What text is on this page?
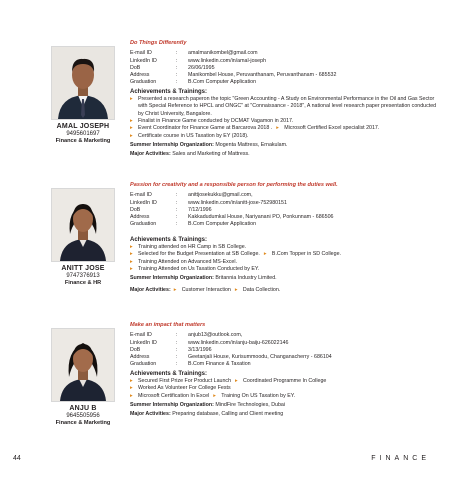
AMAL JOSEPH
9495601697
Finance & Marketing
Do Things Differently
E-mail ID	:	amalmanikombel@gmail.com
LinkedIn ID	:	www.linkedin.com/in/amal-joseph
DoB	:	26/06/1995
Address	:	Manikombel House, Peruvanthanam, Peruvanthanam - 685532
Graduation	:	B.Com Computer Application
Achievements & Trainings:
▸	Presented a research paperon the topic "Green Accounting - A Study on Environmental Performance in the Oil and Gas Sector with Special Reference to HPCL and ONGC" at "Connaissance - 2018", A national level research paper presentation conducted by Christ University, Bangalore.
▸	Finalist in Finance Game conducted by DCMAT Vagamon in 2017.
▸	Event Coordinator for Finance Game at Barcarova 2018 . ▸	Microsoft Certified Excel specialist 2017.
▸	Certificate course in US Taxation by EY (2018).
Summer Internship Organization: Mogenta Mattress, Ernakulam.
Major Activities: Sales and Marketing of Mattress.
ANITT JOSE
9747376913
Finance & HR
Passion for creativity and a responsible person for performing the duties well.
E-mail ID	:	anittjosekukku@gmail.com,
LinkedIn ID	:	www.linkedin.com/in/anitt-jose-752980151
DoB	:	7/12/1996
Address	:	Kakkadudumkal House, Nariyanani PO, Ponkunnam - 686506
Graduation	:	B.Com Computer Application
Achievements & Trainings:
▸	Training attended on HR Camp in SB College.
▸	Selected for the Budget Presentation at SB College. ▸	B.Com Topper in SD College.
▸	Training Attended on Advanced MS-Excel.
▸	Training Attended on Us Taxation Conducted by EY.
Summer Internship Organization: Britannia Industry Limited.
Major Activities: ▸	Customer Interaction ▸	Data Collection.
ANJU B
9645505956
Finance & Marketing
Make an impact that matters
E-mail ID	:	anjub13@outlook.com,
LinkedIn ID	:	www.linkedin.com/in/anju-baiju-626022146
DoB	:	3/13/1996
Address	:	Geetanjali House, Kurisummoodu, Changanacherry - 686104
Graduation	:	B.Com Finance & Taxation
Achievements & Trainings:
▸	Secured First Prize For Product Launch ▸	Coordinated Programme In College
▸	Worked As Volunteer For College Fests
▸	Microsoft Certification In Excel ▸	Training On US Taxation by EY.
Summer Internship Organization: MindFire Technologies, Dubai
Major Activities: Preparing database, Calling and Client meeting
44	FINANCE
